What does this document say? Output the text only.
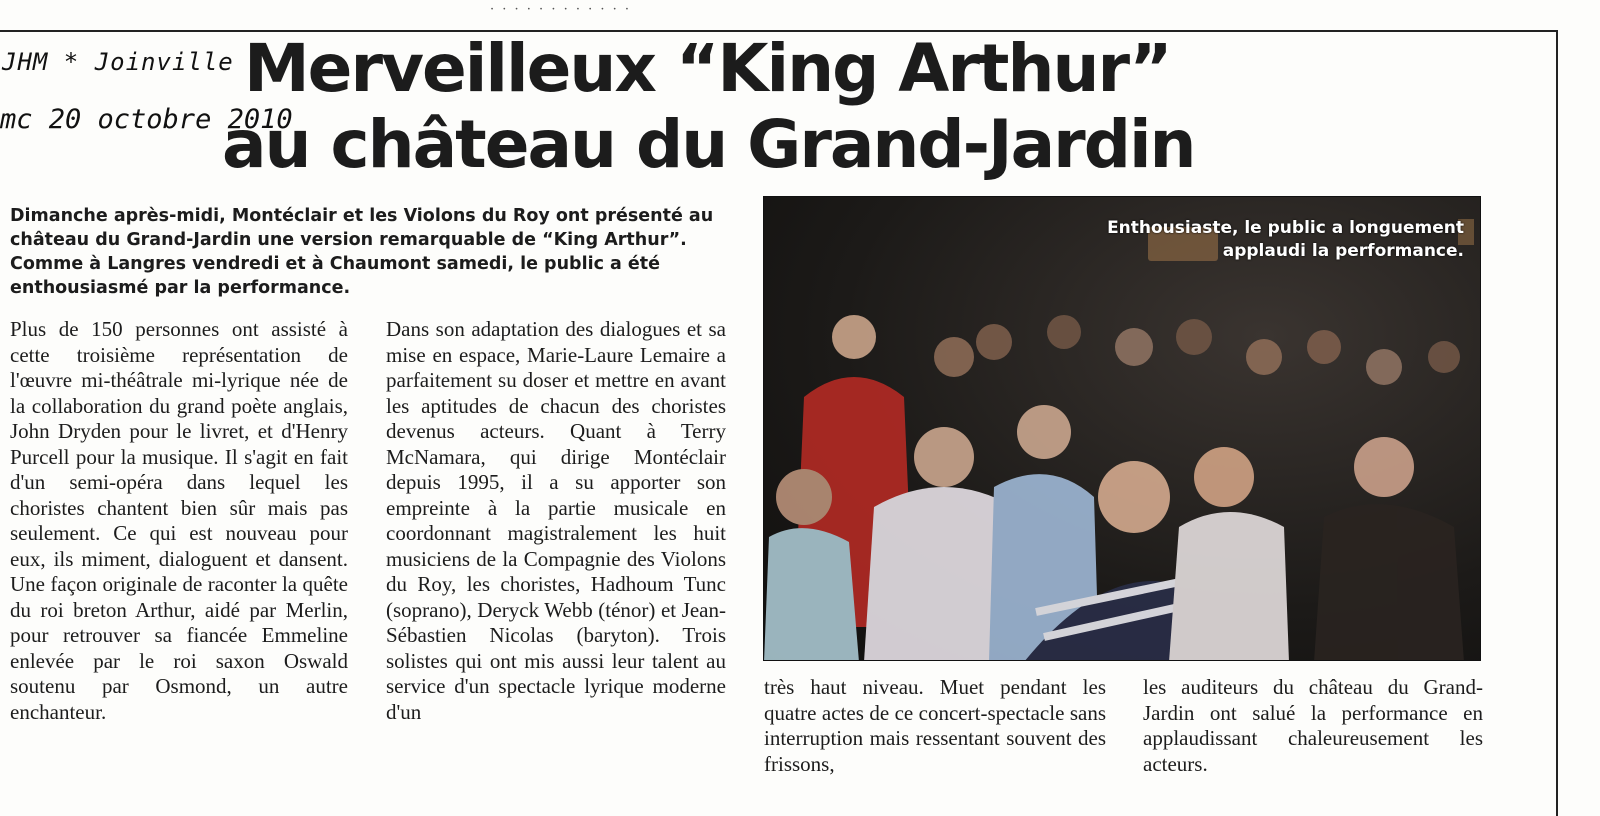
· · · · · · · · · · · ·
JHM * Joinville
mc 20 octobre 2010
Merveilleux “King Arthur”
au château du Grand-Jardin

Dimanche après-midi, Montéclair et les Violons du Roy ont présenté au château du Grand-Jardin une version remarquable de “King Arthur”. Comme à Langres vendredi et à Chaumont samedi, le public a été enthousiasmé par la performance.

Plus de 150 personnes ont assisté à cette troisième représentation de l'œuvre mi-théâtrale mi-lyrique née de la collaboration du grand poète anglais, John Dryden pour le livret, et d'Henry Purcell pour la musique. Il s'agit en fait d'un semi-opéra dans lequel les choristes chantent bien sûr mais pas seulement. Ce qui est nouveau pour eux, ils miment, dialoguent et dansent. Une façon originale de raconter la quête du roi breton Arthur, aidé par Merlin, pour retrouver sa fiancée Emmeline enlevée par le roi saxon Oswald soutenu par Osmond, un autre enchanteur.

Dans son adaptation des dialogues et sa mise en espace, Marie-Laure Lemaire a parfaitement su doser et mettre en avant les aptitudes de chacun des choristes devenus acteurs. Quant à Terry McNamara, qui dirige Montéclair depuis 1995, il a su apporter son empreinte à la partie musicale en coordonnant magistralement les huit musiciens de la Compagnie des Violons du Roy, les choristes, Hadhoum Tunc (soprano), Deryck Webb (ténor) et Jean-Sébastien Nicolas (baryton). Trois solistes qui ont mis aussi leur talent au service d'un spectacle lyrique moderne d'un

Enthousiaste, le public a longuement
applaudi la performance.

très haut niveau. Muet pendant les quatre actes de ce concert-spectacle sans interruption mais ressentant souvent des frissons,

les auditeurs du château du Grand-Jardin ont salué la performance en applaudissant chaleureusement les acteurs.
